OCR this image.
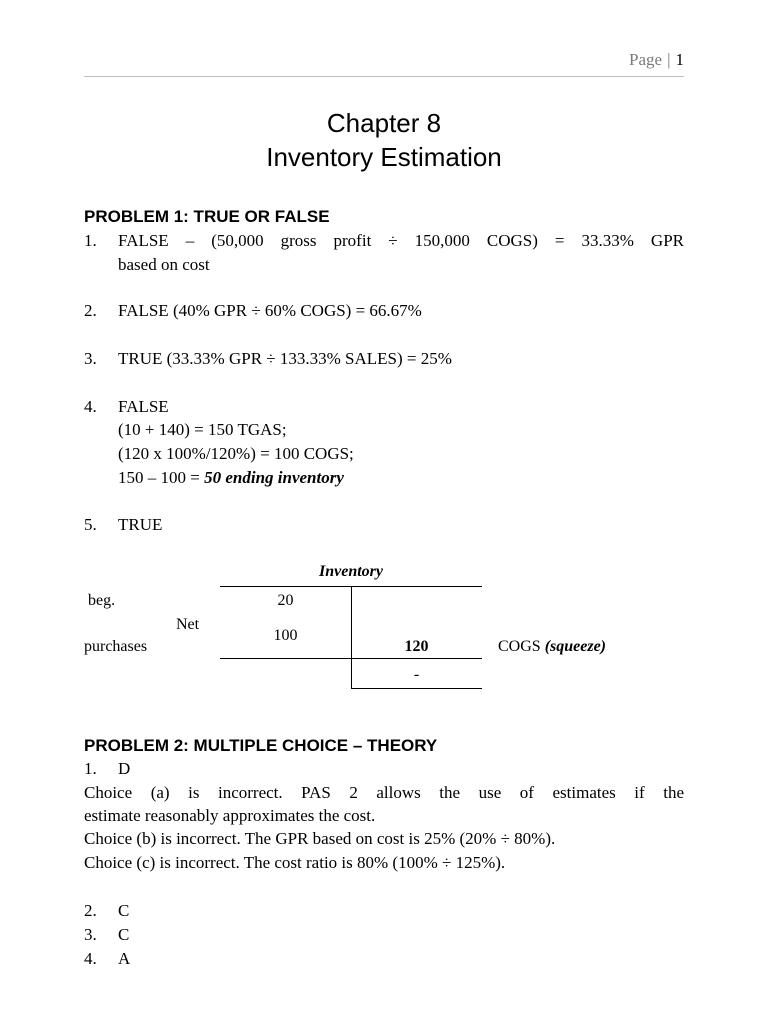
Page | 1
Chapter 8
Inventory Estimation
PROBLEM 1: TRUE OR FALSE
1. FALSE – (50,000 gross profit ÷ 150,000 COGS) = 33.33% GPR
based on cost
2. FALSE (40% GPR ÷ 60% COGS) = 66.67%
3. TRUE (33.33% GPR ÷ 133.33% SALES) = 25%
4. FALSE
(10 + 140) = 150 TGAS;
(120 x 100%/120%) = 100 COGS;
150 – 100 = 50 ending inventory
5. TRUE
Inventory
beg.	20
Net
purchases
100
120	COGS (squeeze)
-
PROBLEM 2: MULTIPLE CHOICE – THEORY
1. D
Choice (a) is incorrect. PAS 2 allows the use of estimates if the
estimate reasonably approximates the cost.
Choice (b) is incorrect. The GPR based on cost is 25% (20% ÷ 80%).
Choice (c) is incorrect. The cost ratio is 80% (100% ÷ 125%).
2. C
3. C
4. A
